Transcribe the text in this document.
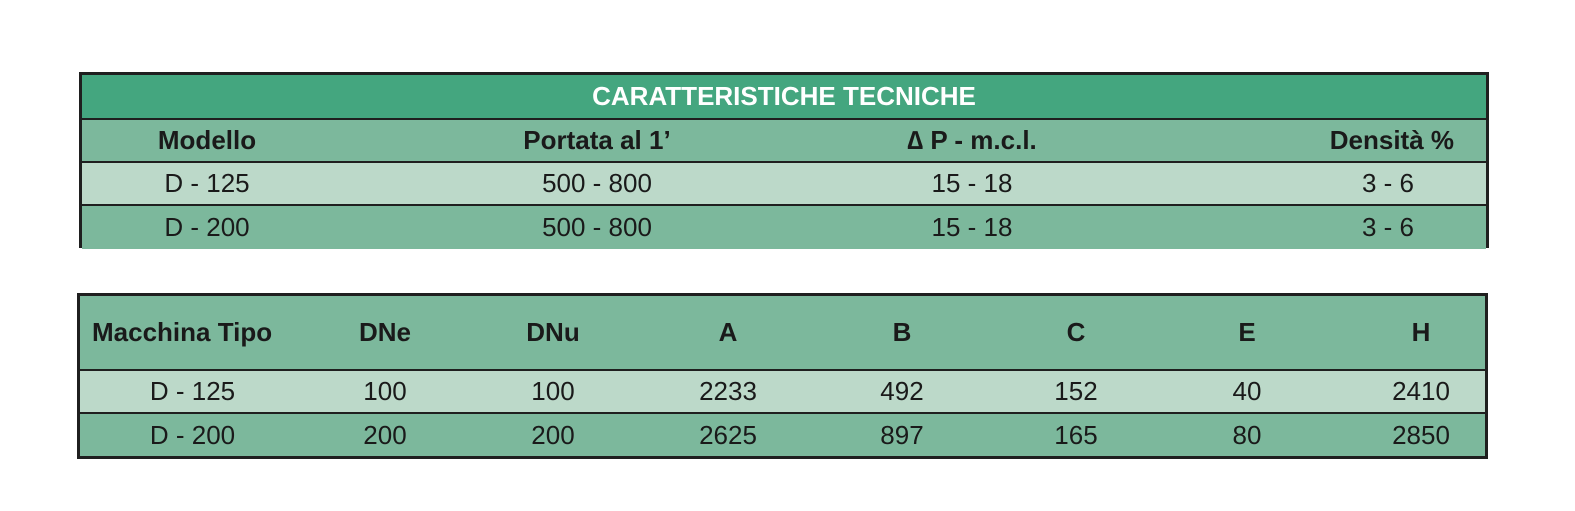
CARATTERISTICHE TECNICHE
Modello	Portata al 1’	∆ P - m.c.l.	Densità %
D - 125	500 - 800	15 - 18	3 - 6
D - 200	500 - 800	15 - 18	3 - 6
Macchina Tipo	DNe	DNu	A	B	C	E	H
D - 125	100	100	2233	492	152	40	2410
D - 200	200	200	2625	897	165	80	2850
